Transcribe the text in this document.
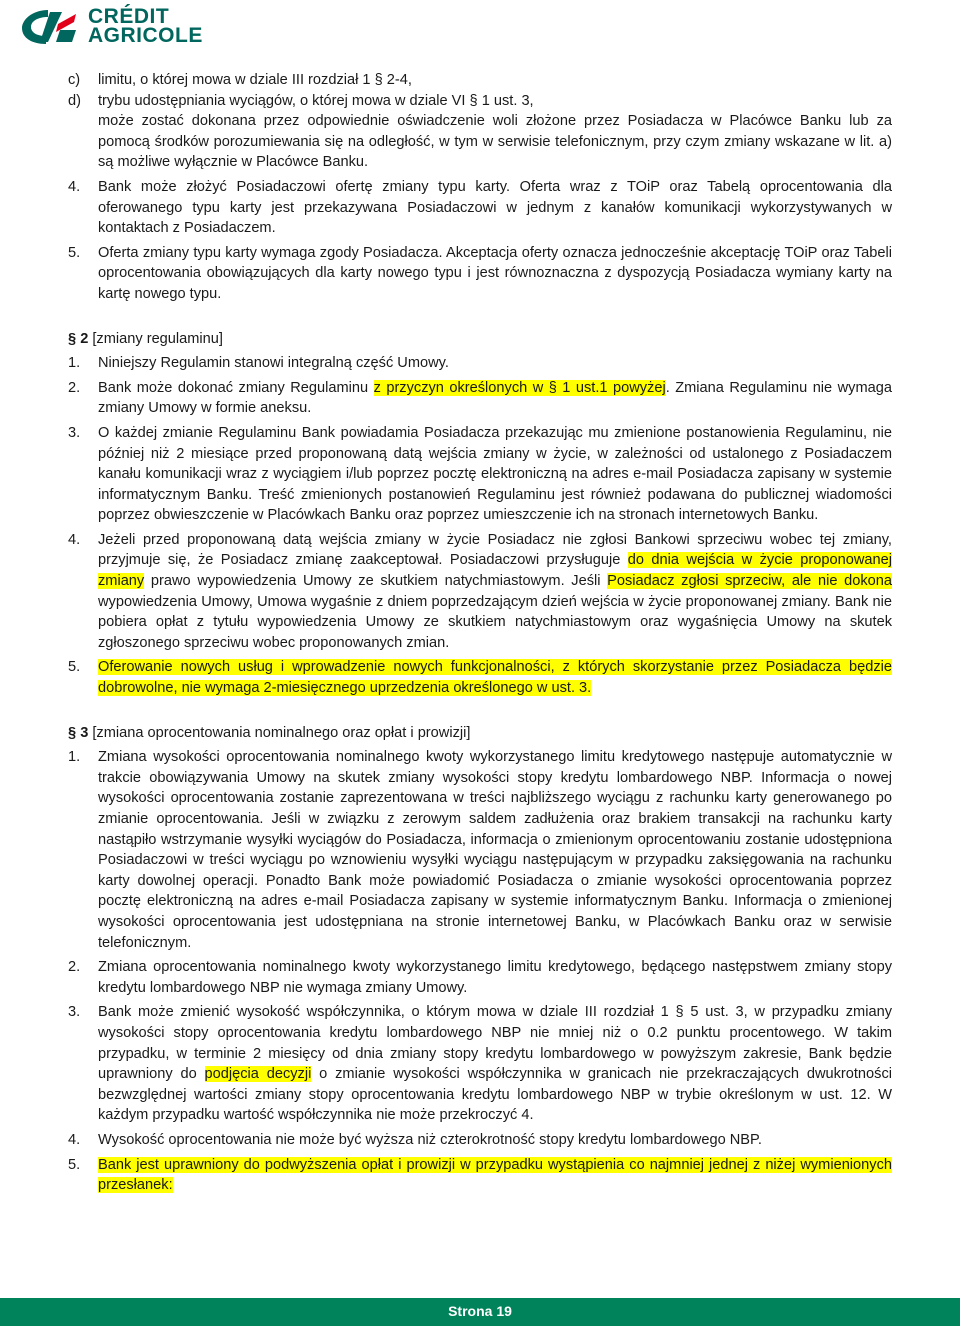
CRÉDIT
AGRICOLE
c) limitu, o której mowa w dziale III rozdział 1 § 2-4,
d) trybu udostępniania wyciągów, o której mowa w dziale VI § 1 ust. 3,
może zostać dokonana przez odpowiednie oświadczenie woli złożone przez Posiadacza w Placówce Banku lub za pomocą środków porozumiewania się na odległość, w tym w serwisie telefonicznym, przy czym zmiany wskazane w lit. a) są możliwe wyłącznie w Placówce Banku.
4. Bank może złożyć Posiadaczowi ofertę zmiany typu karty. Oferta wraz z TOiP oraz Tabelą oprocentowania dla oferowanego typu karty jest przekazywana Posiadaczowi w jednym z kanałów komunikacji wykorzystywanych w kontaktach z Posiadaczem.
5. Oferta zmiany typu karty wymaga zgody Posiadacza. Akceptacja oferty oznacza jednocześnie akceptację TOiP oraz Tabeli oprocentowania obowiązujących dla karty nowego typu i jest równoznaczna z dyspozycją Posiadacza wymiany karty na kartę nowego typu.
§ 2 [zmiany regulaminu]
1. Niniejszy Regulamin stanowi integralną część Umowy.
2. Bank może dokonać zmiany Regulaminu z przyczyn określonych w § 1 ust.1 powyżej. Zmiana Regulaminu nie wymaga zmiany Umowy w formie aneksu.
3. O każdej zmianie Regulaminu Bank powiadamia Posiadacza przekazując mu zmienione postanowienia Regulaminu, nie później niż 2 miesiące przed proponowaną datą wejścia zmiany w życie, w zależności od ustalonego z Posiadaczem kanału komunikacji wraz z wyciągiem i/lub poprzez pocztę elektroniczną na adres e-mail Posiadacza zapisany w systemie informatycznym Banku. Treść zmienionych postanowień Regulaminu jest również podawana do publicznej wiadomości poprzez obwieszczenie w Placówkach Banku oraz poprzez umieszczenie ich na stronach internetowych Banku.
4. Jeżeli przed proponowaną datą wejścia zmiany w życie Posiadacz nie zgłosi Bankowi sprzeciwu wobec tej zmiany, przyjmuje się, że Posiadacz zmianę zaakceptował. Posiadaczowi przysługuje do dnia wejścia w życie proponowanej zmiany prawo wypowiedzenia Umowy ze skutkiem natychmiastowym. Jeśli Posiadacz zgłosi sprzeciw, ale nie dokona wypowiedzenia Umowy, Umowa wygaśnie z dniem poprzedzającym dzień wejścia w życie proponowanej zmiany. Bank nie pobiera opłat z tytułu wypowiedzenia Umowy ze skutkiem natychmiastowym oraz wygaśnięcia Umowy na skutek zgłoszonego sprzeciwu wobec proponowanych zmian.
5. Oferowanie nowych usług i wprowadzenie nowych funkcjonalności, z których skorzystanie przez Posiadacza będzie dobrowolne, nie wymaga 2-miesięcznego uprzedzenia określonego w ust. 3.
§ 3 [zmiana oprocentowania nominalnego oraz opłat i prowizji]
1. Zmiana wysokości oprocentowania nominalnego kwoty wykorzystanego limitu kredytowego następuje automatycznie w trakcie obowiązywania Umowy na skutek zmiany wysokości stopy kredytu lombardowego NBP. Informacja o nowej wysokości oprocentowania zostanie zaprezentowana w treści najbliższego wyciągu z rachunku karty generowanego po zmianie oprocentowania. Jeśli w związku z zerowym saldem zadłużenia oraz brakiem transakcji na rachunku karty nastąpiło wstrzymanie wysyłki wyciągów do Posiadacza, informacja o zmienionym oprocentowaniu zostanie udostępniona Posiadaczowi w treści wyciągu po wznowieniu wysyłki wyciągu następującym w przypadku zaksięgowania na rachunku karty dowolnej operacji. Ponadto Bank może powiadomić Posiadacza o zmianie wysokości oprocentowania poprzez pocztę elektroniczną na adres e-mail Posiadacza zapisany w systemie informatycznym Banku. Informacja o zmienionej wysokości oprocentowania jest udostępniana na stronie internetowej Banku, w Placówkach Banku oraz w serwisie telefonicznym.
2. Zmiana oprocentowania nominalnego kwoty wykorzystanego limitu kredytowego, będącego następstwem zmiany stopy kredytu lombardowego NBP nie wymaga zmiany Umowy.
3. Bank może zmienić wysokość współczynnika, o którym mowa w dziale III rozdział 1 § 5 ust. 3, w przypadku zmiany wysokości stopy oprocentowania kredytu lombardowego NBP nie mniej niż o 0.2 punktu procentowego. W takim przypadku, w terminie 2 miesięcy od dnia zmiany stopy kredytu lombardowego w powyższym zakresie, Bank będzie uprawniony do podjęcia decyzji o zmianie wysokości współczynnika w granicach nie przekraczających dwukrotności bezwzględnej wartości zmiany stopy oprocentowania kredytu lombardowego NBP w trybie określonym w ust. 12. W każdym przypadku wartość współczynnika nie może przekroczyć 4.
4. Wysokość oprocentowania nie może być wyższa niż czterokrotność stopy kredytu lombardowego NBP.
5. Bank jest uprawniony do podwyższenia opłat i prowizji w przypadku wystąpienia co najmniej jednej z niżej wymienionych przesłanek:
Strona 19
